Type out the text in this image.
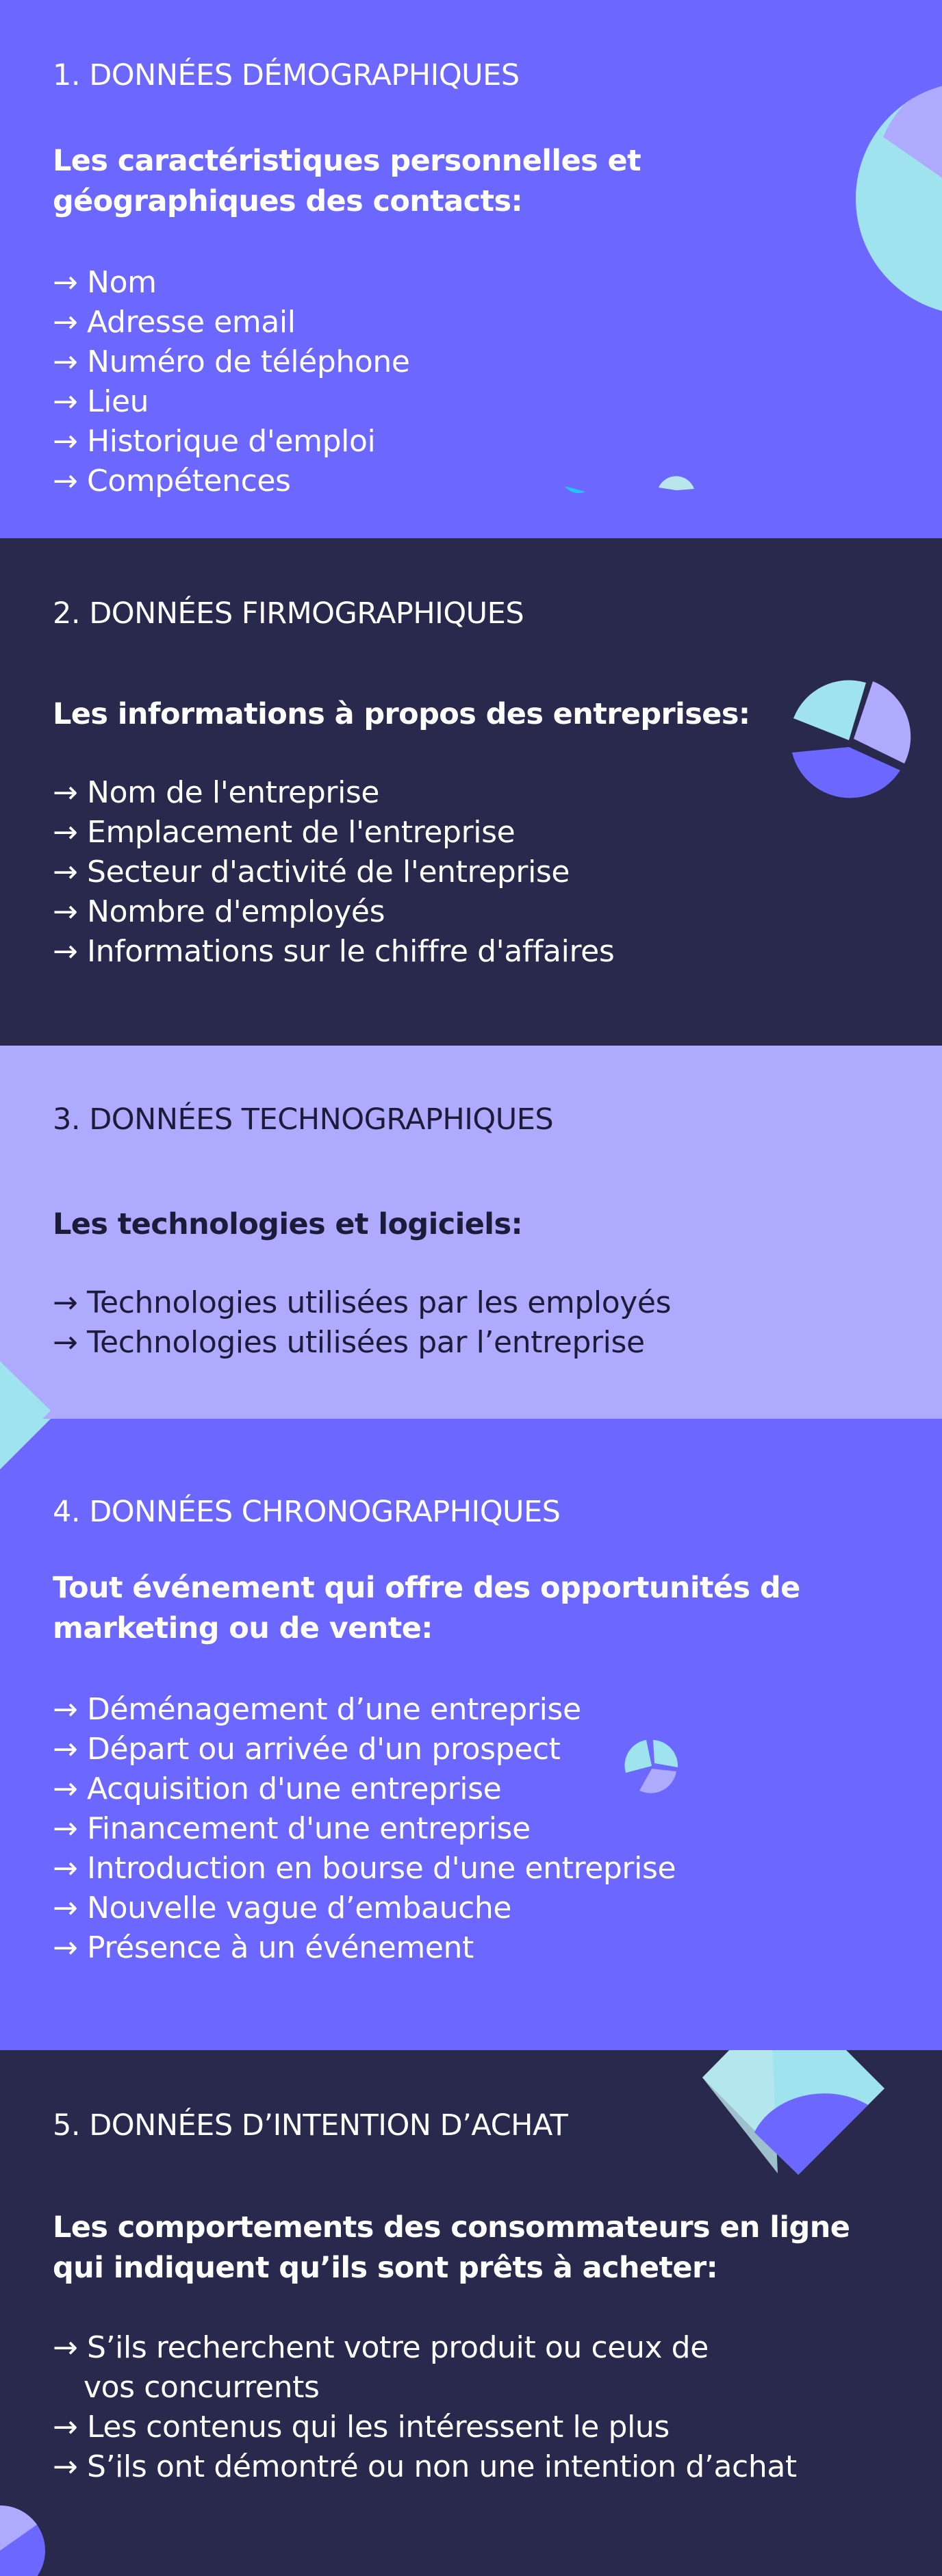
1. DONNÉES DÉMOGRAPHIQUES

Les caractéristiques personnelles et géographiques des contacts:

→ Nom
→ Adresse email
→ Numéro de téléphone
→ Lieu
→ Historique d'emploi
→ Compétences
2. DONNÉES FIRMOGRAPHIQUES

Les informations à propos des entreprises:

→ Nom de l'entreprise
→ Emplacement de l'entreprise
→ Secteur d'activité de l'entreprise
→ Nombre d'employés
→ Informations sur le chiffre d'affaires
3. DONNÉES TECHNOGRAPHIQUES

Les technologies et logiciels:

→ Technologies utilisées par les employés
→ Technologies utilisées par l’entreprise
4. DONNÉES CHRONOGRAPHIQUES

Tout événement qui offre des opportunités de marketing ou de vente:

→ Déménagement d’une entreprise
→ Départ ou arrivée d'un prospect
→ Acquisition d'une entreprise
→ Financement d'une entreprise
→ Introduction en bourse d'une entreprise
→ Nouvelle vague d’embauche
→ Présence à un événement
5. DONNÉES D’INTENTION D’ACHAT

Les comportements des consommateurs en ligne qui indiquent qu’ils sont prêts à acheter:

→ S’ils recherchent votre produit ou ceux de
vos concurrents
→ Les contenus qui les intéressent le plus
→ S’ils ont démontré ou non une intention d’achat
